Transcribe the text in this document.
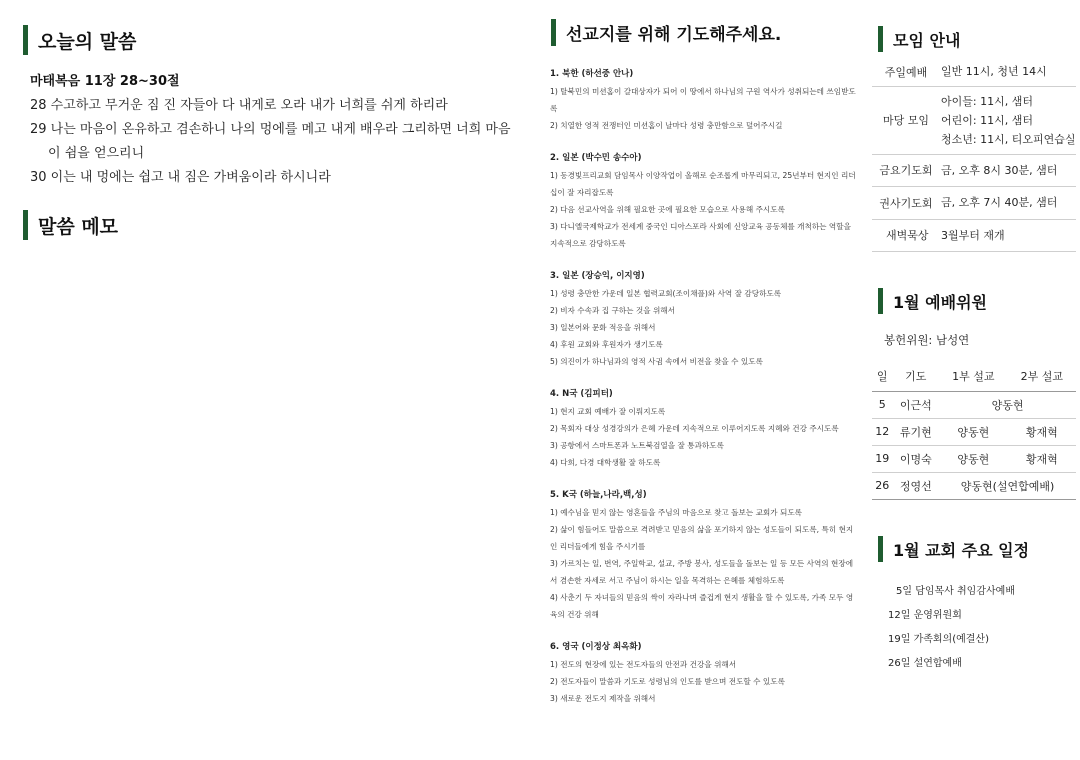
오늘의 말씀
마태복음 11장 28~30절
28 수고하고 무거운 짐 진 자들아 다 내게로 오라 내가 너희를 쉬게 하리라
29 나는 마음이 온유하고 겸손하니 나의 멍에를 메고 내게 배우라 그리하면 너희 마음
이 쉼을 얻으리니
30 이는 내 멍에는 쉽고 내 짐은 가벼움이라 하시니라
말씀 메모
선교지를 위해 기도해주세요.
1. 북한 (하선중 안나)
1) 탈북민의 미션홈이 갈대상자가 되어 이 땅에서 하나님의 구원 역사가 성취되는데 쓰임받도록
2) 치열한 영적 전쟁터인 미션홈이 날마다 성령 충만함으로 덮어주시길
2. 일본 (박수민 송수아)
1) 동경빛프리교회 담임목사 이양작업이 올해로 순조롭게 마무리되고, 25년부터 현지인 리더십이 잘 자리잡도록
2) 다음 선교사역을 위해 필요한 곳에 필요한 모습으로 사용해 주시도록
3) 다니엘국제학교가 전세계 중국인 디아스포라 사회에 신앙교육 공동체를 개척하는 역할을 지속적으로 감당하도록
3. 일본 (장승익, 이지영)
1) 성령 충만한 가운데 일본 협력교회(조이채플)와 사역 잘 감당하도록
2) 비자 수속과 집 구하는 것을 위해서
3) 일본어와 문화 적응을 위해서
4) 후원 교회와 후원자가 생기도록
5) 의진이가 하나님과의 영적 사귐 속에서 비전을 찾을 수 있도록
4. N국 (김피터)
1) 현지 교회 예배가 잘 이뤄지도록
2) 목회자 대상 성경강의가 은혜 가운데 지속적으로 이루어지도록 지혜와 건강 주시도록
3) 공항에서 스마트폰과 노트북검열을 잘 통과하도록
4) 다희, 다경 대학생활 잘 하도록
5. K국 (하늘,나라,백,성)
1) 예수님을 믿지 않는 영혼들을 주님의 마음으로 찾고 돌보는 교회가 되도록
2) 삶이 힘들어도 말씀으로 격려받고 믿음의 삶을 포기하지 않는 성도들이 되도록, 특히 현지인 리더들에게 힘을 주시기를
3) 가르치는 일, 번역, 주일학교, 설교, 주방 봉사, 성도들을 돌보는 일 등 모든 사역의 현장에서 겸손한 자세로 서고 주님이 하시는 일을 목격하는 은혜를 체험하도록
4) 사춘기 두 자녀들의 믿음의 싹이 자라나며 즐겁게 현지 생활을 할 수 있도록, 가족 모두 영육의 건강 위해
6. 영국 (이정상 최옥화)
1) 전도의 현장에 있는 전도자들의 안전과 건강을 위해서
2) 전도자들이 말씀과 기도로 성령님의 인도를 받으며 전도할 수 있도록
3) 새로운 전도지 제작을 위해서
모임 안내
주일예배	일반 11시, 청년 14시

마당 모임	아이들: 11시, 샘터
어린이: 11시, 샘터
청소년: 11시, 티오피연습실

금요기도회	금, 오후 8시 30분, 샘터

권사기도회	금, 오후 7시 40분, 샘터

새벽묵상	3월부터 재개
1월 예배위원
봉헌위원: 남성연
일	기도	1부 설교	2부 설교
5	이근석	양동현	
12	류기현	양동현	황재혁
19	이명숙	양동현	황재혁
26	정영선	양동현(설연합예배)	
1월 교회 주요 일정
5일 담임목사 취임감사예배
12일 운영위원회
19일 가족회의(예결산)
26일 설연합예배
